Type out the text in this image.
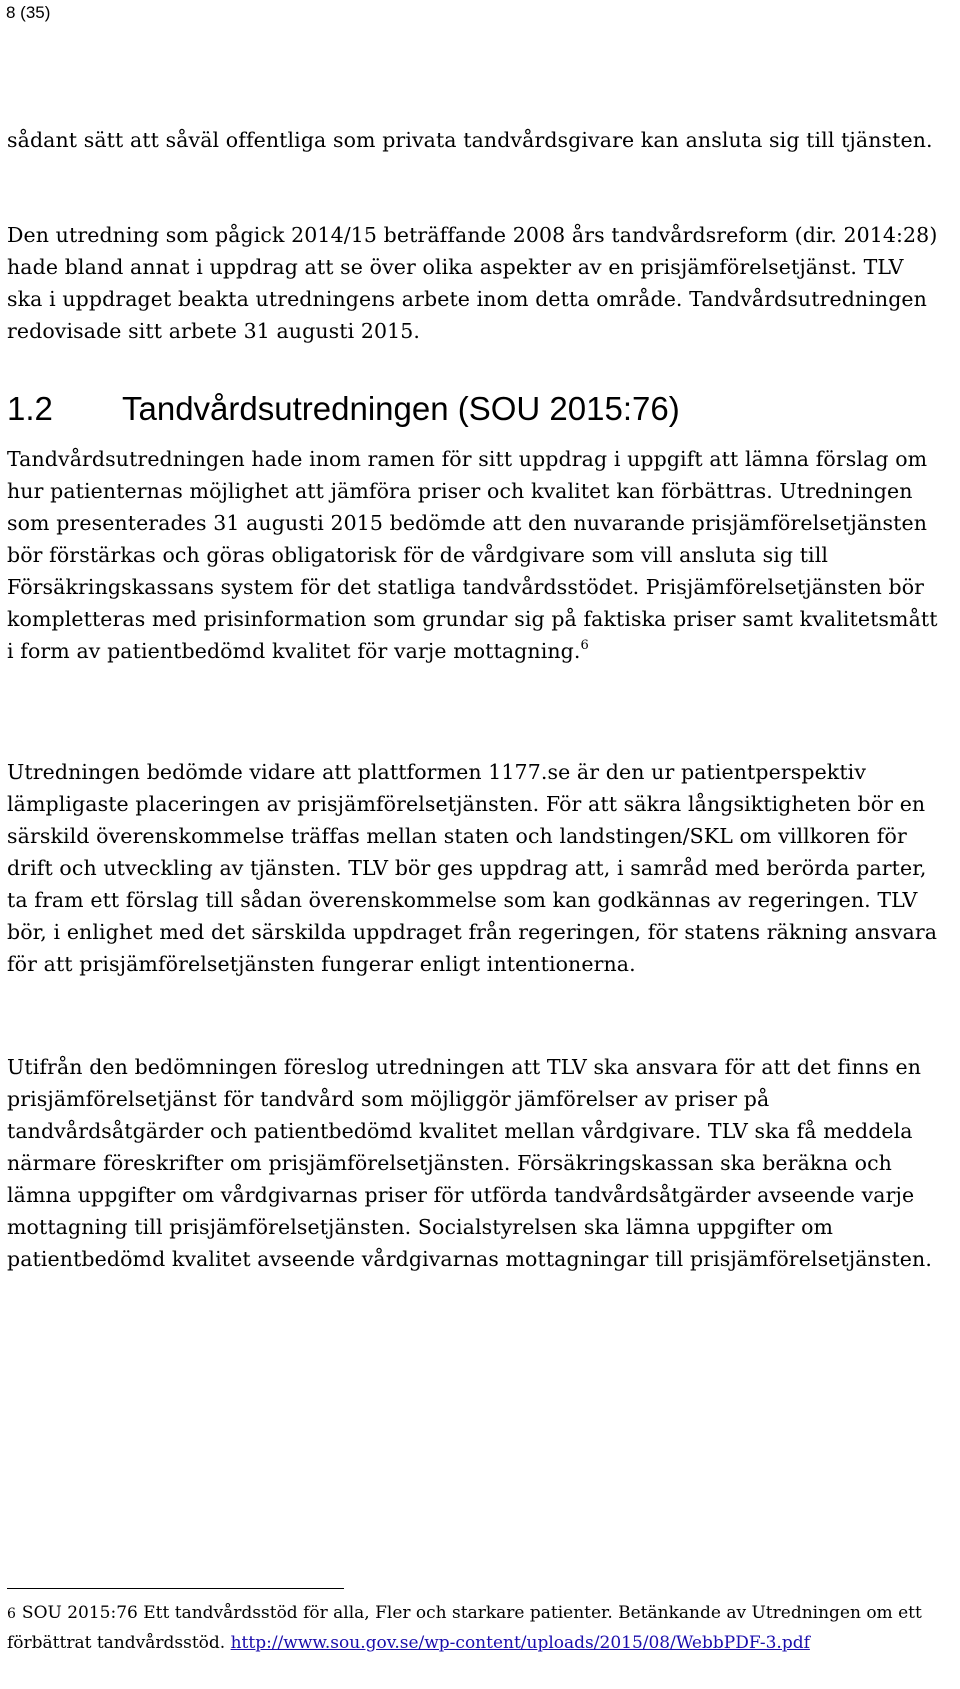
8 (35)

sådant sätt att såväl offentliga som privata tandvårdsgivare kan ansluta sig till tjänsten.

Den utredning som pågick 2014/15 beträffande 2008 års tandvårdsreform (dir. 2014:28) hade bland annat i uppdrag att se över olika aspekter av en prisjämförelsetjänst. TLV ska i uppdraget beakta utredningens arbete inom detta område. Tandvårdsutredningen redovisade sitt arbete 31 augusti 2015.

1.2 Tandvårdsutredningen (SOU 2015:76)

Tandvårdsutredningen hade inom ramen för sitt uppdrag i uppgift att lämna förslag om hur patienternas möjlighet att jämföra priser och kvalitet kan förbättras. Utredningen som presenterades 31 augusti 2015 bedömde att den nuvarande prisjämförelsetjänsten bör förstärkas och göras obligatorisk för de vårdgivare som vill ansluta sig till Försäkringskassans system för det statliga tandvårdsstödet. Prisjämförelsetjänsten bör kompletteras med prisinformation som grundar sig på faktiska priser samt kvalitetsmått i form av patientbedömd kvalitet för varje mottagning.$^6$

Utredningen bedömde vidare att plattformen 1177.se är den ur patientperspektiv lämpligaste placeringen av prisjämförelsetjänsten. För att säkra långsiktigheten bör en särskild överenskommelse träffas mellan staten och landstingen/SKL om villkoren för drift och utveckling av tjänsten. TLV bör ges uppdrag att, i samråd med berörda parter, ta fram ett förslag till sådan överenskommelse som kan godkännas av regeringen. TLV bör, i enlighet med det särskilda uppdraget från regeringen, för statens räkning ansvara för att prisjämförelsetjänsten fungerar enligt intentionerna.

Utifrån den bedömningen föreslog utredningen att TLV ska ansvara för att det finns en prisjämförelsetjänst för tandvård som möjliggör jämförelser av priser på tandvårdsåtgärder och patientbedömd kvalitet mellan vårdgivare. TLV ska få meddela närmare föreskrifter om prisjämförelsetjänsten. Försäkringskassan ska beräkna och lämna uppgifter om vårdgivarnas priser för utförda tandvårdsåtgärder avseende varje mottagning till prisjämförelsetjänsten. Socialstyrelsen ska lämna uppgifter om patientbedömd kvalitet avseende vårdgivarnas mottagningar till prisjämförelsetjänsten.

6 SOU 2015:76 Ett tandvårdsstöd för alla, Fler och starkare patienter. Betänkande av Utredningen om ett förbättrat tandvårdsstöd. http://www.sou.gov.se/wp-content/uploads/2015/08/WebbPDF-3.pdf
